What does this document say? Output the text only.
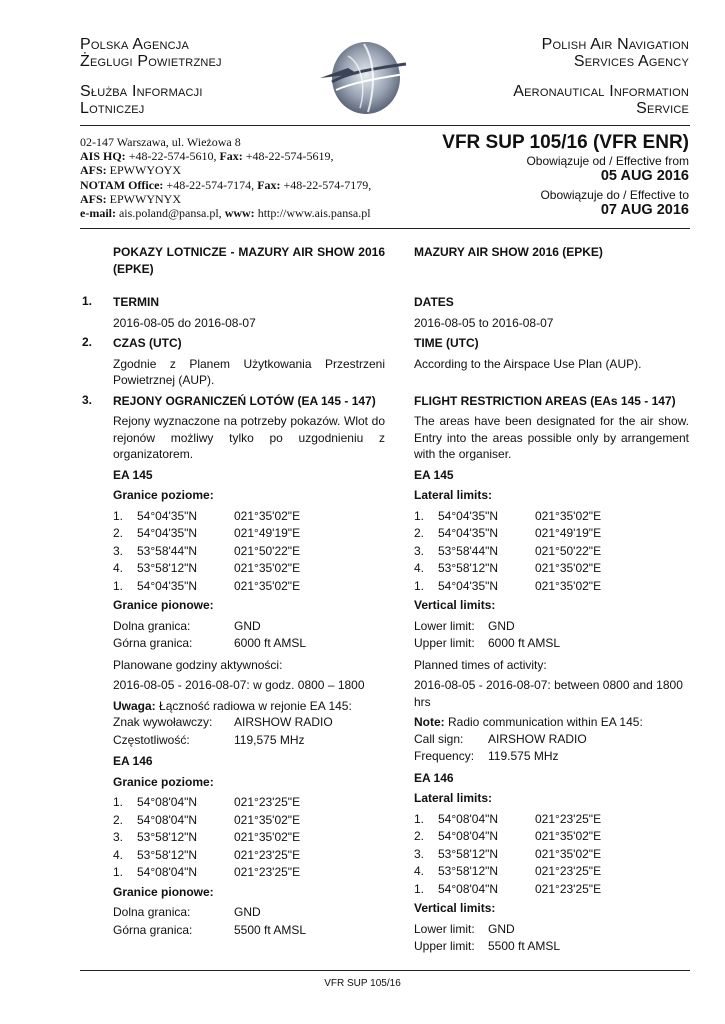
Polska Agencja
Żeglugi Powietrznej
Służba Informacji
Lotniczej
Polish Air Navigation
Services Agency
Aeronautical Information
Service
02-147 Warszawa, ul. Wieżowa 8
AIS HQ: +48-22-574-5610, Fax: +48-22-574-5619,
AFS: EPWWYOYX
NOTAM Office: +48-22-574-7174, Fax: +48-22-574-7179,
AFS: EPWWYNYX
e-mail: ais.poland@pansa.pl, www: http://www.ais.pansa.pl
VFR SUP 105/16 (VFR ENR)
Obowiązuje od / Effective from
05 AUG 2016
Obowiązuje do / Effective to
07 AUG 2016
1.
2.
3.
POKAZY LOTNICZE - MAZURY AIR SHOW 2016 (EPKE)
TERMIN
2016-08-05 do 2016-08-07
CZAS (UTC)
Zgodnie z Planem Użytkowania Przestrzeni Powietrznej (AUP).
REJONY OGRANICZEŃ LOTÓW (EA 145 - 147)
Rejony wyznaczone na potrzeby pokazów. Wlot do rejonów możliwy tylko po uzgodnieniu z organizatorem.
EA 145
Granice poziome:
1. 54°04'35"N	021°35'02"E
2. 54°04'35"N	021°49'19"E
3. 53°58'44"N	021°50'22"E
4. 53°58'12"N	021°35'02"E
1. 54°04'35"N	021°35'02"E
Granice pionowe:
Dolna granica:	GND
Górna granica:	6000 ft AMSL
Planowane godziny aktywności:
2016-08-05 - 2016-08-07: w godz. 0800 – 1800
Uwaga: Łączność radiowa w rejonie EA 145:
Znak wywoławczy: AIRSHOW RADIO
Częstotliwość:	119,575 MHz
EA 146
Granice poziome:
1. 54°08'04"N	021°23'25"E
2. 54°08'04"N	021°35'02"E
3. 53°58'12"N	021°35'02"E
4. 53°58'12"N	021°23'25"E
1. 54°08'04"N	021°23'25"E
Granice pionowe:
Dolna granica:	GND
Górna granica:	5500 ft AMSL
MAZURY AIR SHOW 2016 (EPKE)
DATES
2016-08-05 to 2016-08-07
TIME (UTC)
According to the Airspace Use Plan (AUP).
FLIGHT RESTRICTION AREAS (EAs 145 - 147)
The areas have been designated for the air show. Entry into the areas possible only by arrangement with the organiser.
EA 145
Lateral limits:
1. 54°04'35"N	021°35'02"E
2. 54°04'35"N	021°49'19"E
3. 53°58'44"N	021°50'22"E
4. 53°58'12"N	021°35'02"E
1. 54°04'35"N	021°35'02"E
Vertical limits:
Lower limit: GND
Upper limit: 6000 ft AMSL
Planned times of activity:
2016-08-05 - 2016-08-07: between 0800 and 1800 hrs
Note: Radio communication within EA 145:
Call sign: AIRSHOW RADIO
Frequency: 119.575 MHz
EA 146
Lateral limits:
1. 54°08'04"N	021°23'25"E
2. 54°08'04"N	021°35'02"E
3. 53°58'12"N	021°35'02"E
4. 53°58'12"N	021°23'25"E
1. 54°08'04"N	021°23'25"E
Vertical limits:
Lower limit: GND
Upper limit: 5500 ft AMSL
VFR SUP 105/16
